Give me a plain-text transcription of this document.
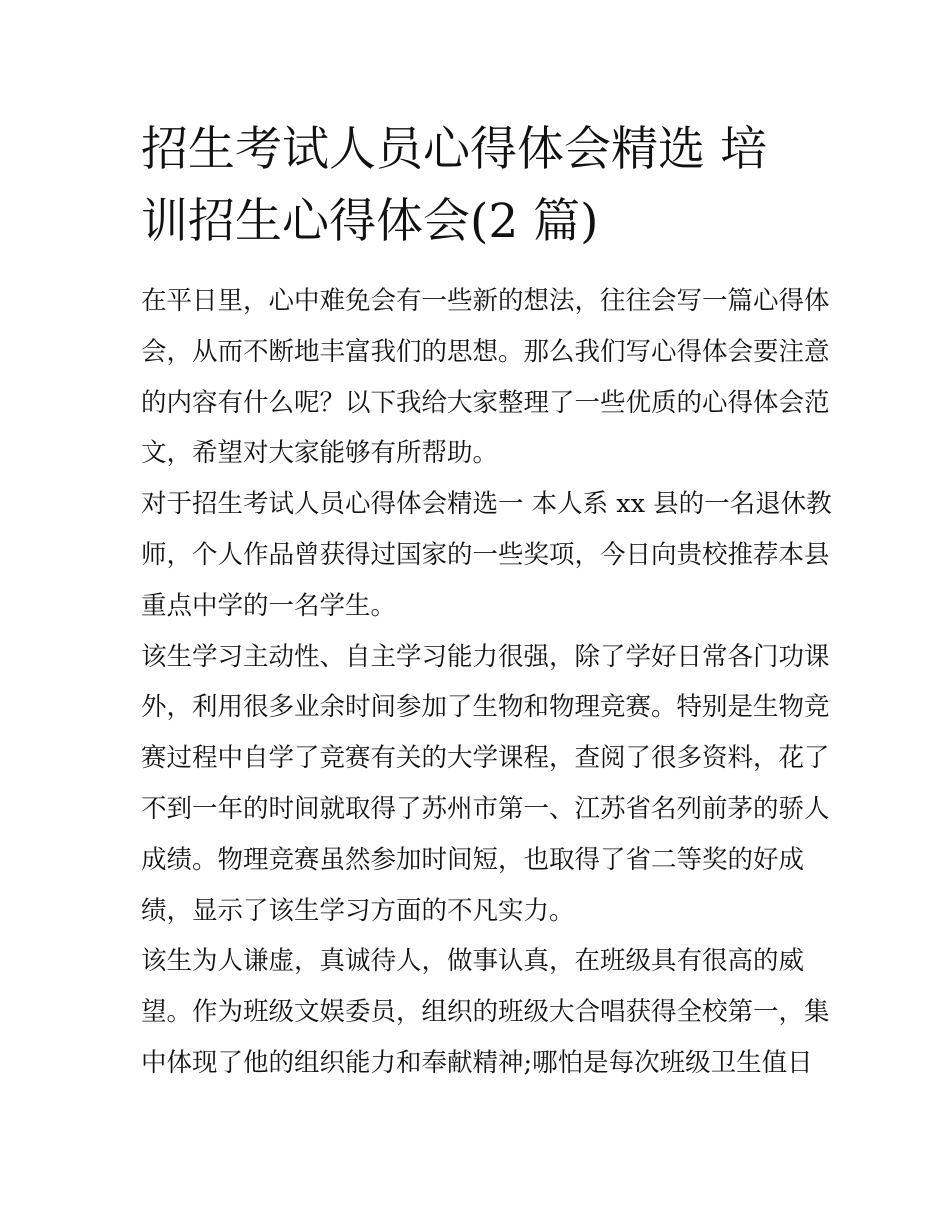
招生考试人员心得体会精选 培
训招生心得体会(2 篇)

在平日里，心中难免会有一些新的想法，往往会写一篇心得体
会，从而不断地丰富我们的思想。那么我们写心得体会要注意
的内容有什么呢？以下我给大家整理了一些优质的心得体会范
文，希望对大家能够有所帮助。

对于招生考试人员心得体会精选一 本人系 xx 县的一名退休教
师，个人作品曾获得过国家的一些奖项，今日向贵校推荐本县
重点中学的一名学生。

该生学习主动性、自主学习能力很强，除了学好日常各门功课
外，利用很多业余时间参加了生物和物理竞赛。特别是生物竞
赛过程中自学了竞赛有关的大学课程，查阅了很多资料，花了
不到一年的时间就取得了苏州市第一、江苏省名列前茅的骄人
成绩。物理竞赛虽然参加时间短，也取得了省二等奖的好成
绩，显示了该生学习方面的不凡实力。

该生为人谦虚，真诚待人，做事认真，在班级具有很高的威
望。作为班级文娱委员，组织的班级大合唱获得全校第一，集
中体现了他的组织能力和奉献精神;哪怕是每次班级卫生值日
